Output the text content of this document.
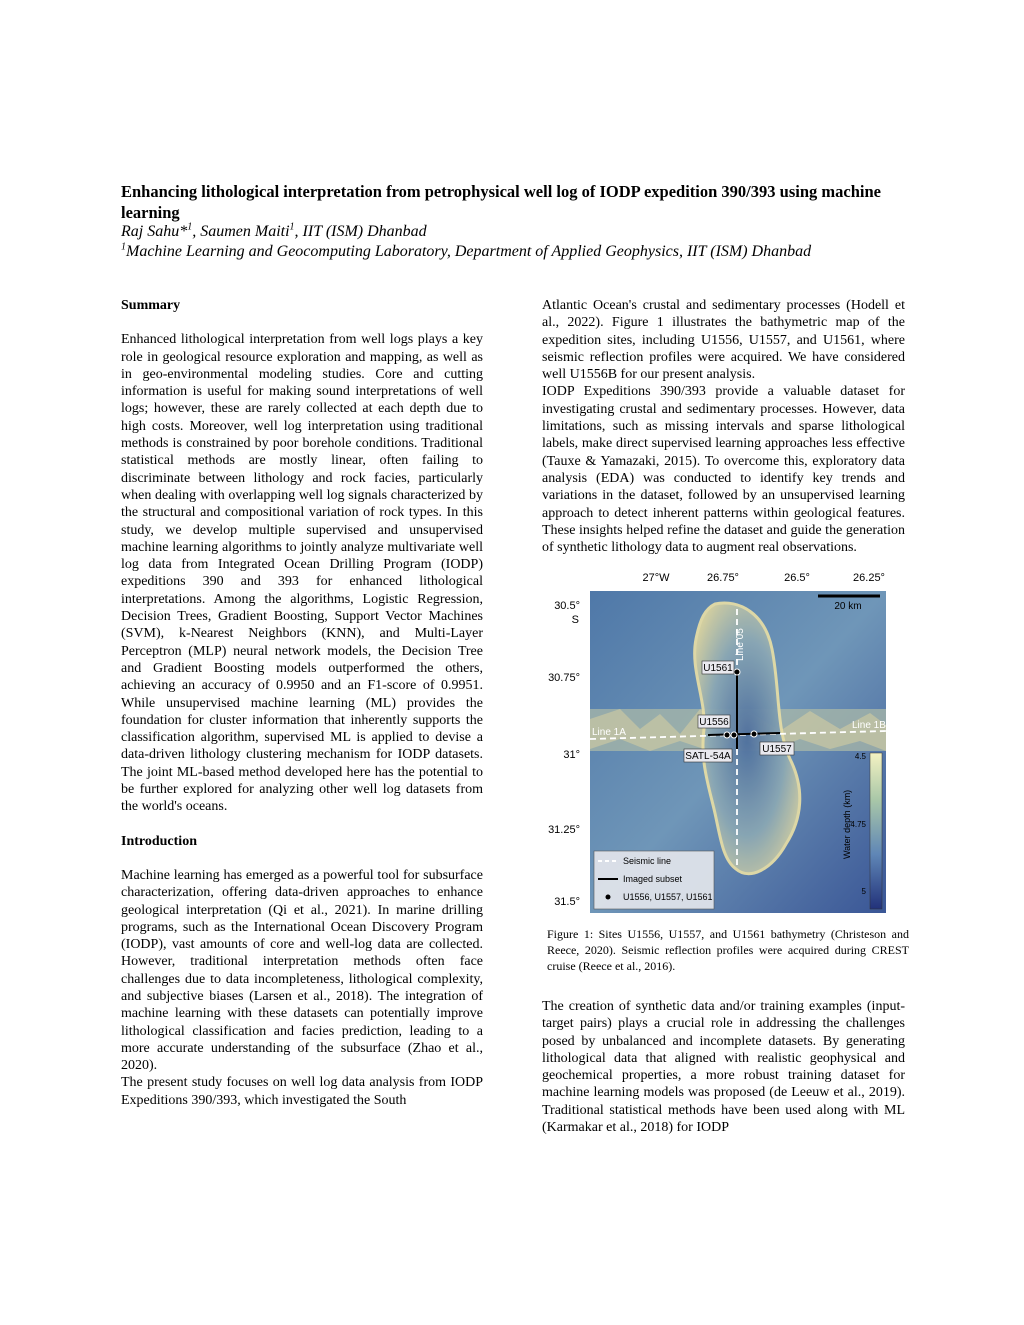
Enhancing lithological interpretation from petrophysical well log of IODP expedition 390/393 using machine learning
Raj Sahu*$^1$, Saumen Maiti$^1$, IIT (ISM) Dhanbad
$^1$Machine Learning and Geocomputing Laboratory, Department of Applied Geophysics, IIT (ISM) Dhanbad

Summary

Enhanced lithological interpretation from well logs plays a key role in geological resource exploration and mapping, as well as in geo-environmental modeling studies. Core and cutting information is useful for making sound interpretations of well logs; however, these are rarely collected at each depth due to high costs. Moreover, well log interpretation using traditional methods is constrained by poor borehole conditions. Traditional statistical methods are mostly linear, often failing to discriminate between lithology and rock facies, particularly when dealing with overlapping well log signals characterized by the structural and compositional variation of rock types. In this study, we develop multiple supervised and unsupervised machine learning algorithms to jointly analyze multivariate well log data from Integrated Ocean Drilling Program (IODP) expeditions 390 and 393 for enhanced lithological interpretations. Among the algorithms, Logistic Regression, Decision Trees, Gradient Boosting, Support Vector Machines (SVM), k-Nearest Neighbors (KNN), and Multi-Layer Perceptron (MLP) neural network models, the Decision Tree and Gradient Boosting models outperformed the others, achieving an accuracy of 0.9950 and an F1-score of 0.9951. While unsupervised machine learning (ML) provides the foundation for cluster information that inherently supports the classification algorithm, supervised ML is applied to devise a data-driven lithology clustering mechanism for IODP datasets. The joint ML-based method developed here has the potential to be further explored for analyzing other well log datasets from the world's oceans.

Introduction

Machine learning has emerged as a powerful tool for subsurface characterization, offering data-driven approaches to enhance geological interpretation (Qi et al., 2021). In marine drilling programs, such as the International Ocean Discovery Program (IODP), vast amounts of core and well-log data are collected. However, traditional interpretation methods often face challenges due to data incompleteness, lithological complexity, and subjective biases (Larsen et al., 2018). The integration of machine learning with these datasets can potentially improve lithological classification and facies prediction, leading to a more accurate understanding of the subsurface (Zhao et al., 2020).

The present study focuses on well log data analysis from IODP Expeditions 390/393, which investigated the South

Atlantic Ocean's crustal and sedimentary processes (Hodell et al., 2022). Figure 1 illustrates the bathymetric map of the expedition sites, including U1556, U1557, and U1561, where seismic reflection profiles were acquired. We have considered well U1556B for our present analysis.

IODP Expeditions 390/393 provide a valuable dataset for investigating crustal and sedimentary processes. However, data limitations, such as missing intervals and sparse lithological labels, make direct supervised learning approaches less effective (Tauxe & Yamazaki, 2015). To overcome this, exploratory data analysis (EDA) was conducted to identify key trends and variations in the dataset, followed by an unsupervised learning approach to detect inherent patterns within geological features. These insights helped refine the dataset and guide the generation of synthetic lithology data to augment real observations.

27°W	26.75°	26.5°	26.25°
30.5°
S
30.75°
31°
31.25°
31.5°
U1561
U1556
U1557
SATL-54A
Line 05
Line 1A
Line 1B
20 km
4.5
4.75
5
Water depth (km)
Seismic line
Imaged subset
U1556, U1557, U1561
Figure 1: Sites U1556, U1557, and U1561 bathymetry (Christeson and Reece, 2020). Seismic reflection profiles were acquired during CREST cruise (Reece et al., 2016).

The creation of synthetic data and/or training examples (input-target pairs) plays a crucial role in addressing the challenges posed by unbalanced and incomplete datasets. By generating lithological data that aligned with realistic geophysical and geochemical properties, a more robust training dataset for machine learning models was proposed (de Leeuw et al., 2019). Traditional statistical methods have been used along with ML (Karmakar et al., 2018) for IODP
